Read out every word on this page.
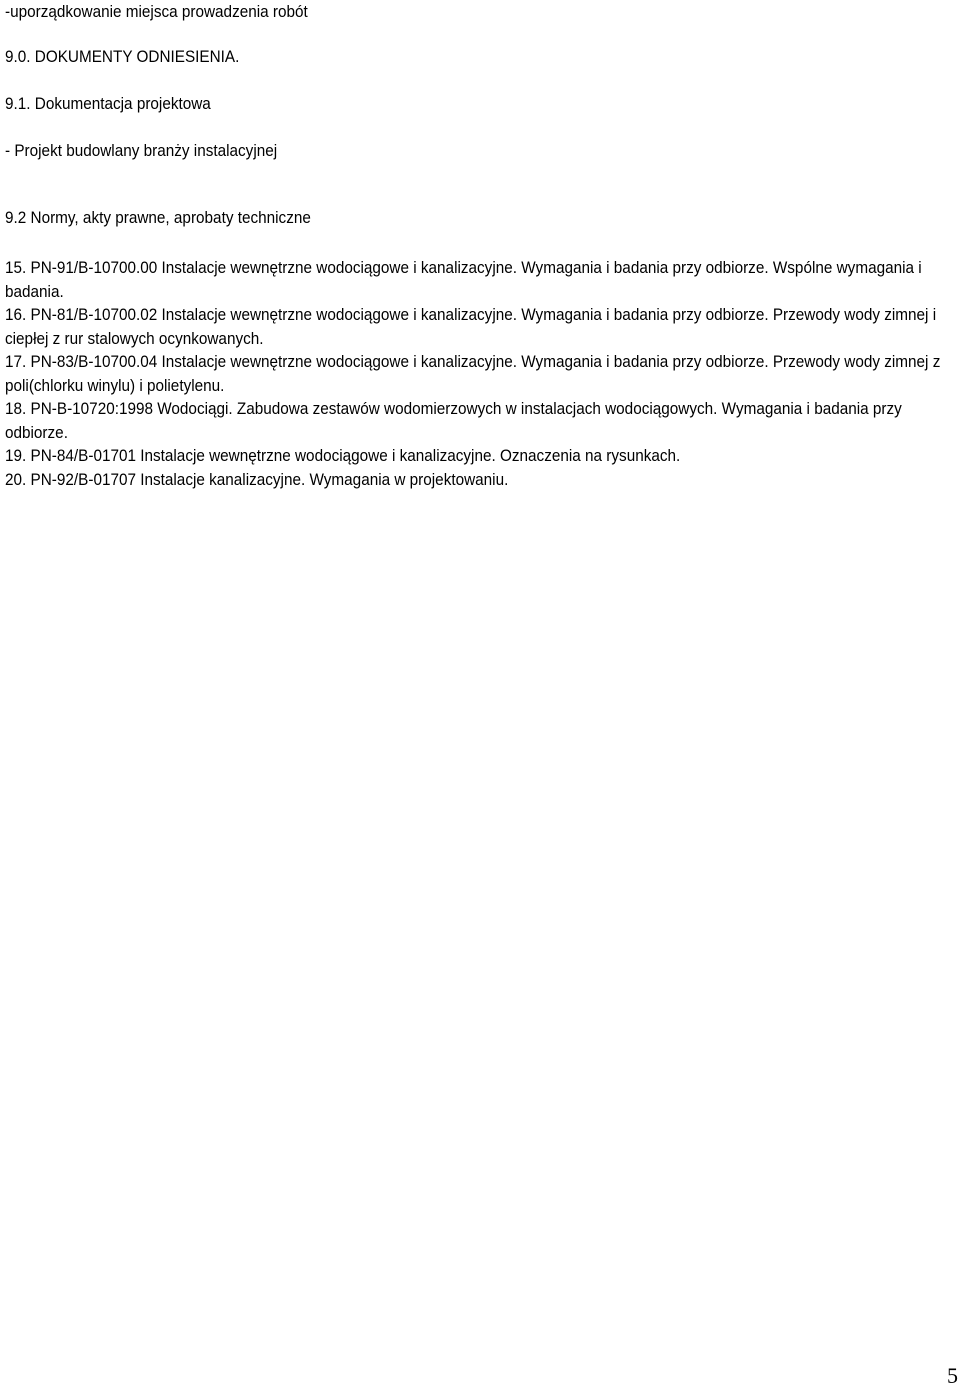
-uporządkowanie miejsca prowadzenia robót
9.0. DOKUMENTY ODNIESIENIA.
9.1. Dokumentacja projektowa
- Projekt budowlany branży instalacyjnej
9.2 Normy, akty prawne, aprobaty techniczne

15. PN-91/B-10700.00 Instalacje wewnętrzne wodociągowe i kanalizacyjne. Wymagania i badania przy odbiorze. Wspólne wymagania i badania.

16. PN-81/B-10700.02 Instalacje wewnętrzne wodociągowe i kanalizacyjne. Wymagania i badania przy odbiorze. Przewody wody zimnej i ciepłej z rur stalowych ocynkowanych.

17. PN-83/B-10700.04 Instalacje wewnętrzne wodociągowe i kanalizacyjne. Wymagania i badania przy odbiorze. Przewody wody zimnej z poli(chlorku winylu) i polietylenu.

18. PN-B-10720:1998 Wodociągi. Zabudowa zestawów wodomierzowych w instalacjach wodociągowych. Wymagania i badania przy odbiorze.

19. PN-84/B-01701 Instalacje wewnętrzne wodociągowe i kanalizacyjne. Oznaczenia na rysunkach.

20. PN-92/B-01707 Instalacje kanalizacyjne. Wymagania w projektowaniu.

5
